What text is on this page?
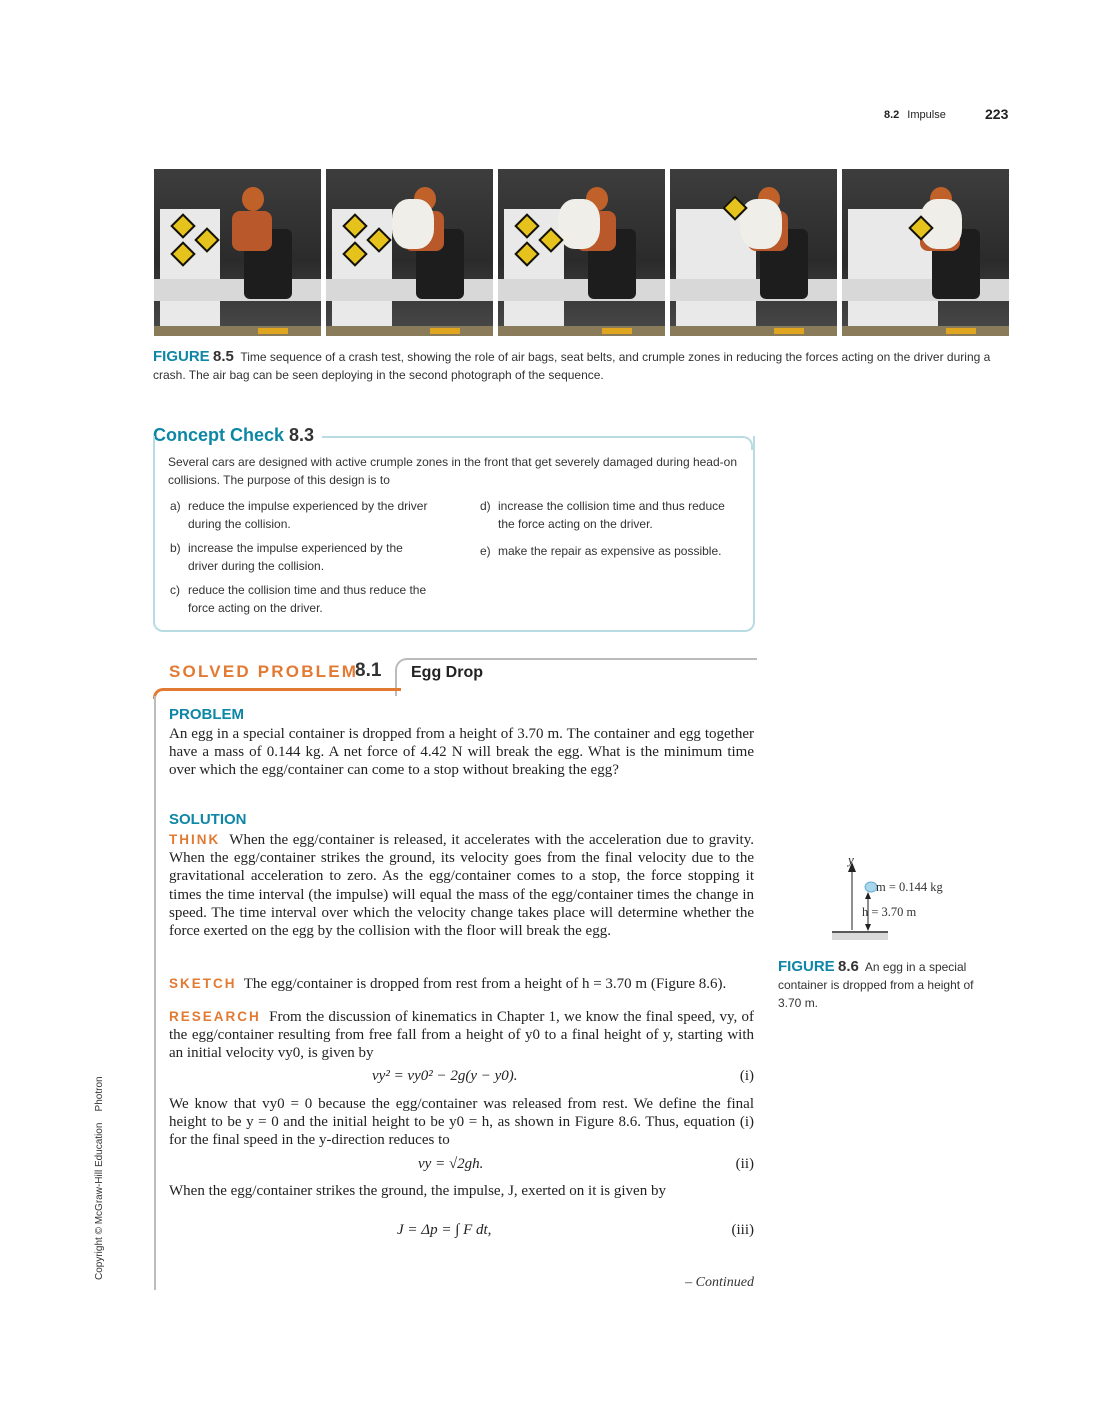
8.2 Impulse	223
FIGURE 8.5 Time sequence of a crash test, showing the role of air bags, seat belts, and crumple zones in reducing the forces acting on the driver during a crash. The air bag can be seen deploying in the second photograph of the sequence.
Concept Check 8.3
Several cars are designed with active crumple zones in the front that get severely damaged during head-on collisions. The purpose of this design is to
a) reduce the impulse experienced by the driver during the collision.
b) increase the impulse experienced by the driver during the collision.
c) reduce the collision time and thus reduce the force acting on the driver.
d) increase the collision time and thus reduce the force acting on the driver.
e) make the repair as expensive as possible.
SOLVED PROBLEM
8.1 Egg Drop
PROBLEM
An egg in a special container is dropped from a height of 3.70 m. The container and egg together have a mass of 0.144 kg. A net force of 4.42 N will break the egg. What is the minimum time over which the egg/container can come to a stop without breaking the egg?
SOLUTION
THINK When the egg/container is released, it accelerates with the acceleration due to gravity. When the egg/container strikes the ground, its velocity goes from the final velocity due to the gravitational acceleration to zero. As the egg/container comes to a stop, the force stopping it times the time interval (the impulse) will equal the mass of the egg/container times the change in speed. The time interval over which the velocity change takes place will determine whether the force exerted on the egg by the collision with the floor will break the egg.
SKETCH The egg/container is dropped from rest from a height of h = 3.70 m (Figure 8.6).
RESEARCH From the discussion of kinematics in Chapter 1, we know the final speed, vy, of the egg/container resulting from free fall from a height of y0 to a final height of y, starting with an initial velocity vy0, is given by
vy² = vy0² − 2g(y − y0).	(i)
We know that vy0 = 0 because the egg/container was released from rest. We define the final height to be y = 0 and the initial height to be y0 = h, as shown in Figure 8.6. Thus, equation (i) for the final speed in the y-direction reduces to
vy = √2gh.	(ii)
When the egg/container strikes the ground, the impulse, J, exerted on it is given by
J = Δp = ∫ F dt,	(iii)
– Continued
y
m = 0.144 kg
h = 3.70 m
FIGURE 8.6 An egg in a special container is dropped from a height of 3.70 m.
Copyright © McGraw-Hill Education    Photron
